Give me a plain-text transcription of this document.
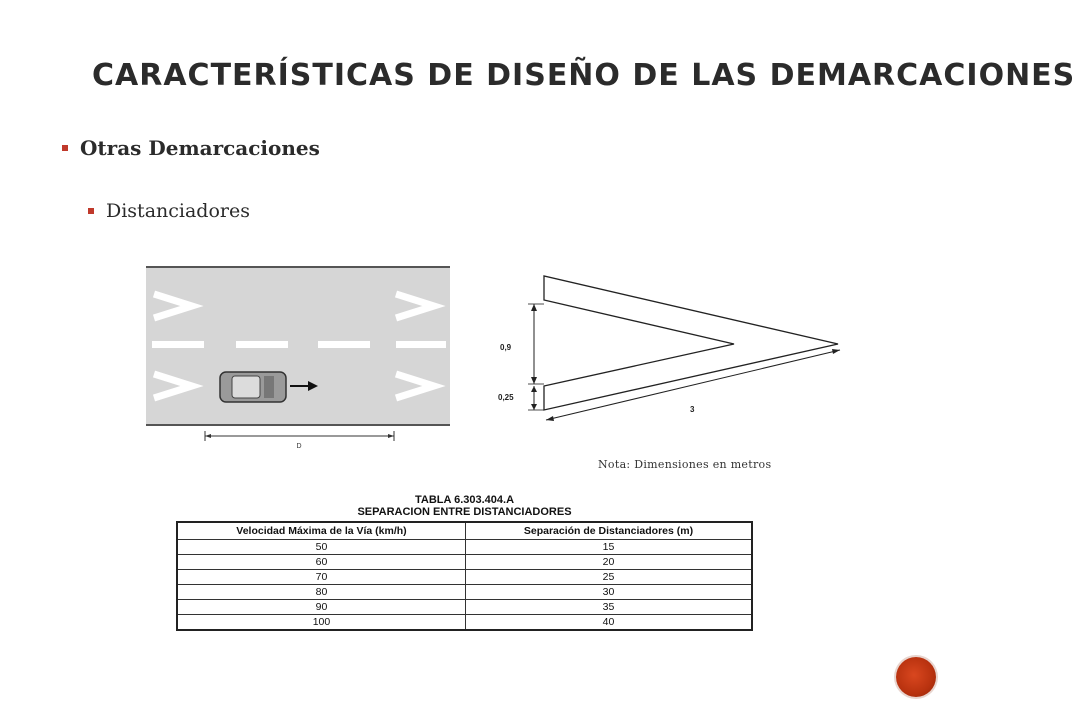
CARACTERÍSTICAS DE DISEÑO DE LAS DEMARCACIONES
Otras Demarcaciones
Distanciadores
D
0,9
0,25
3
Nota: Dimensiones en metros
TABLA 6.303.404.A
SEPARACION ENTRE DISTANCIADORES
Velocidad Máxima de la Vía (km/h)	Separación de Distanciadores (m)
50	15
60	20
70	25
80	30
90	35
100	40
